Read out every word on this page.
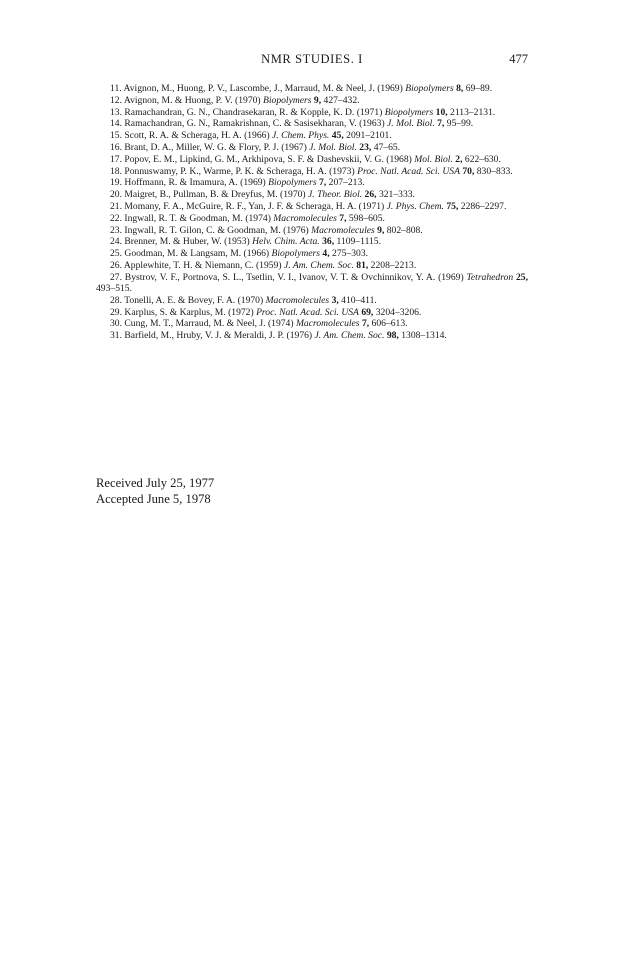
NMR STUDIES. I	477

11. Avignon, M., Huong, P. V., Lascombe, J., Marraud, M. & Neel, J. (1969) Biopolymers 8, 69–89.

12. Avignon, M. & Huong, P. V. (1970) Biopolymers 9, 427–432.

13. Ramachandran, G. N., Chandrasekaran, R. & Kopple, K. D. (1971) Biopolymers 10, 2113–2131.

14. Ramachandran, G. N., Ramakrishnan, C. & Sasisekharan, V. (1963) J. Mol. Biol. 7, 95–99.

15. Scott, R. A. & Scheraga, H. A. (1966) J. Chem. Phys. 45, 2091–2101.

16. Brant, D. A., Miller, W. G. & Flory, P. J. (1967) J. Mol. Biol. 23, 47–65.

17. Popov, E. M., Lipkind, G. M., Arkhipova, S. F. & Dashevskii, V. G. (1968) Mol. Biol. 2, 622–630.

18. Ponnuswamy, P. K., Warme, P. K. & Scheraga, H. A. (1973) Proc. Natl. Acad. Sci. USA 70, 830–833.

19. Hoffmann, R. & Imamura, A. (1969) Biopolymers 7, 207–213.

20. Maigret, B., Pullman, B. & Dreyfus, M. (1970) J. Theor. Biol. 26, 321–333.

21. Momany, F. A., McGuire, R. F., Yan, J. F. & Scheraga, H. A. (1971) J. Phys. Chem. 75, 2286–2297.

22. Ingwall, R. T. & Goodman, M. (1974) Macromolecules 7, 598–605.

23. Ingwall, R. T. Gilon, C. & Goodman, M. (1976) Macromolecules 9, 802–808.

24. Brenner, M. & Huber, W. (1953) Helv. Chim. Acta. 36, 1109–1115.

25. Goodman, M. & Langsam, M. (1966) Biopolymers 4, 275–303.

26. Applewhite, T. H. & Niemann, C. (1959) J. Am. Chem. Soc. 81, 2208–2213.

27. Bystrov, V. F., Portnova, S. L., Tsetlin, V. I., Ivanov, V. T. & Ovchinnikov, Y. A. (1969) Tetrahedron 25, 493–515.

28. Tonelli, A. E. & Bovey, F. A. (1970) Macromolecules 3, 410–411.

29. Karplus, S. & Karplus, M. (1972) Proc. Natl. Acad. Sci. USA 69, 3204–3206.

30. Cung, M. T., Marraud, M. & Neel, J. (1974) Macromolecules 7, 606–613.

31. Barfield, M., Hruby, V. J. & Meraldi, J. P. (1976) J. Am. Chem. Soc. 98, 1308–1314.

Received July 25, 1977
Accepted June 5, 1978
